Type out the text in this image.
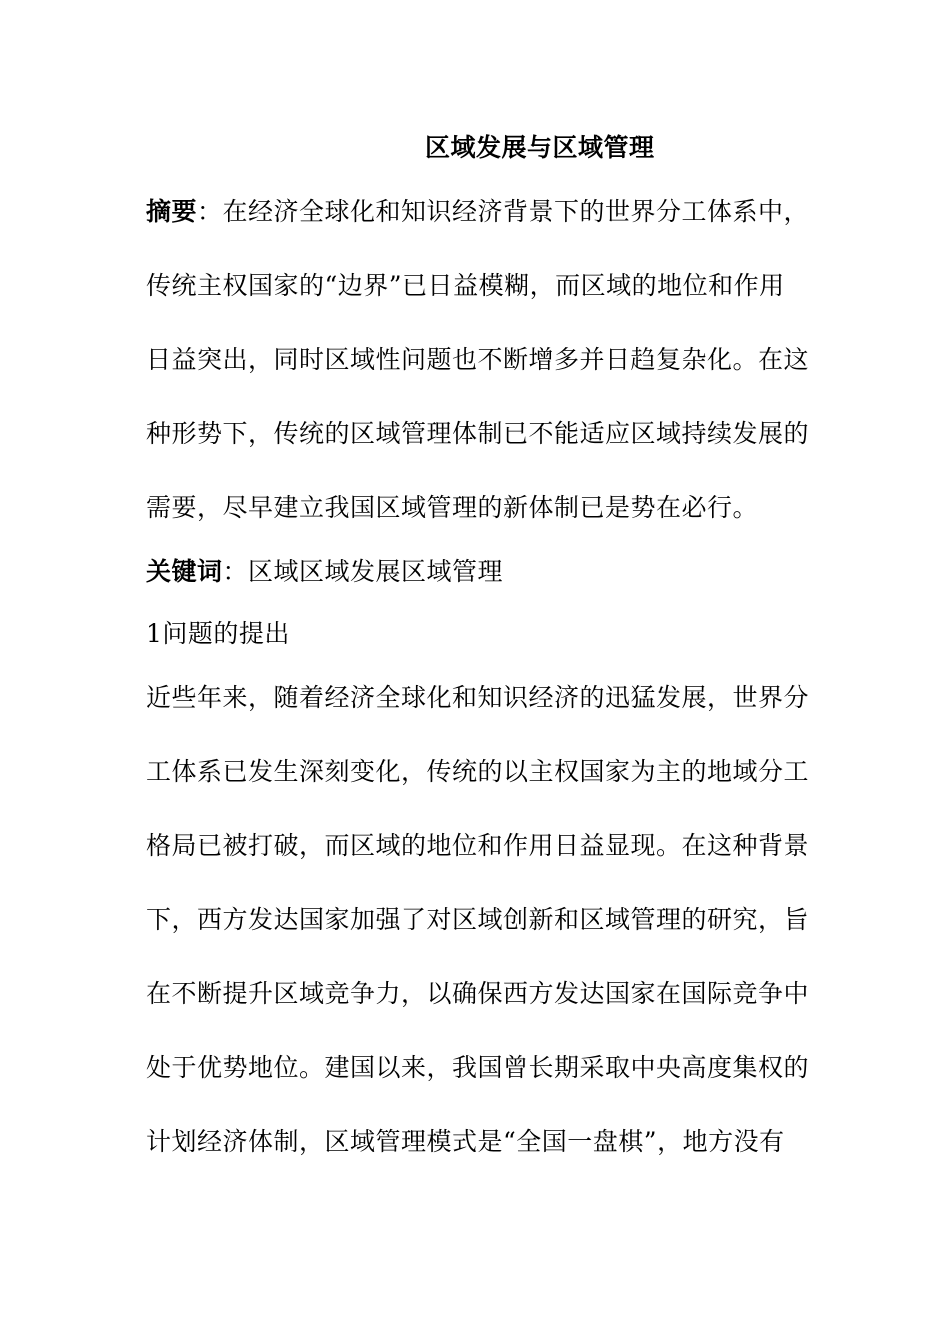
区域发展与区域管理
摘要：在经济全球化和知识经济背景下的世界分工体系中，
传统主权国家的“边界”已日益模糊，而区域的地位和作用
日益突出，同时区域性问题也不断增多并日趋复杂化。在这
种形势下，传统的区域管理体制已不能适应区域持续发展的
需要，尽早建立我国区域管理的新体制已是势在必行。
关键词：区域区域发展区域管理
1问题的提出
近些年来，随着经济全球化和知识经济的迅猛发展，世界分
工体系已发生深刻变化，传统的以主权国家为主的地域分工
格局已被打破，而区域的地位和作用日益显现。在这种背景
下，西方发达国家加强了对区域创新和区域管理的研究，旨
在不断提升区域竞争力，以确保西方发达国家在国际竞争中
处于优势地位。建国以来，我国曾长期采取中央高度集权的
计划经济体制，区域管理模式是“全国一盘棋”，地方没有
